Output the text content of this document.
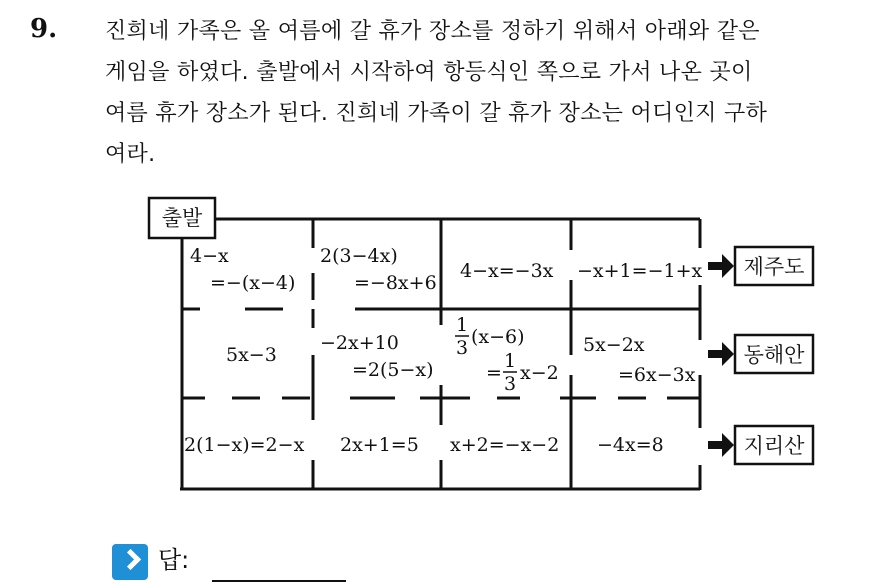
9. 진희네 가족은 올 여름에 갈 휴가 장소를 정하기 위해서 아래와 같은
게임을 하였다. 출발에서 시작하여 항등식인 쪽으로 가서 나온 곳이
여름 휴가 장소가 된다. 진희네 가족이 갈 휴가 장소는 어디인지 구하
여라.
출발
4−x
=−(x−4)
2(3−4x)
=−8x+6
4−x=−3x −x+1=−1+x
5x−3
−2x+10
=2(5−x)
1
3 (x−6)
=
1
3 x−2
5x−2x
=6x−3x
2(1−x)=2−x 2x+1=5 x+2=−x−2 −4x=8
제주도
동해안
지리산
답:
